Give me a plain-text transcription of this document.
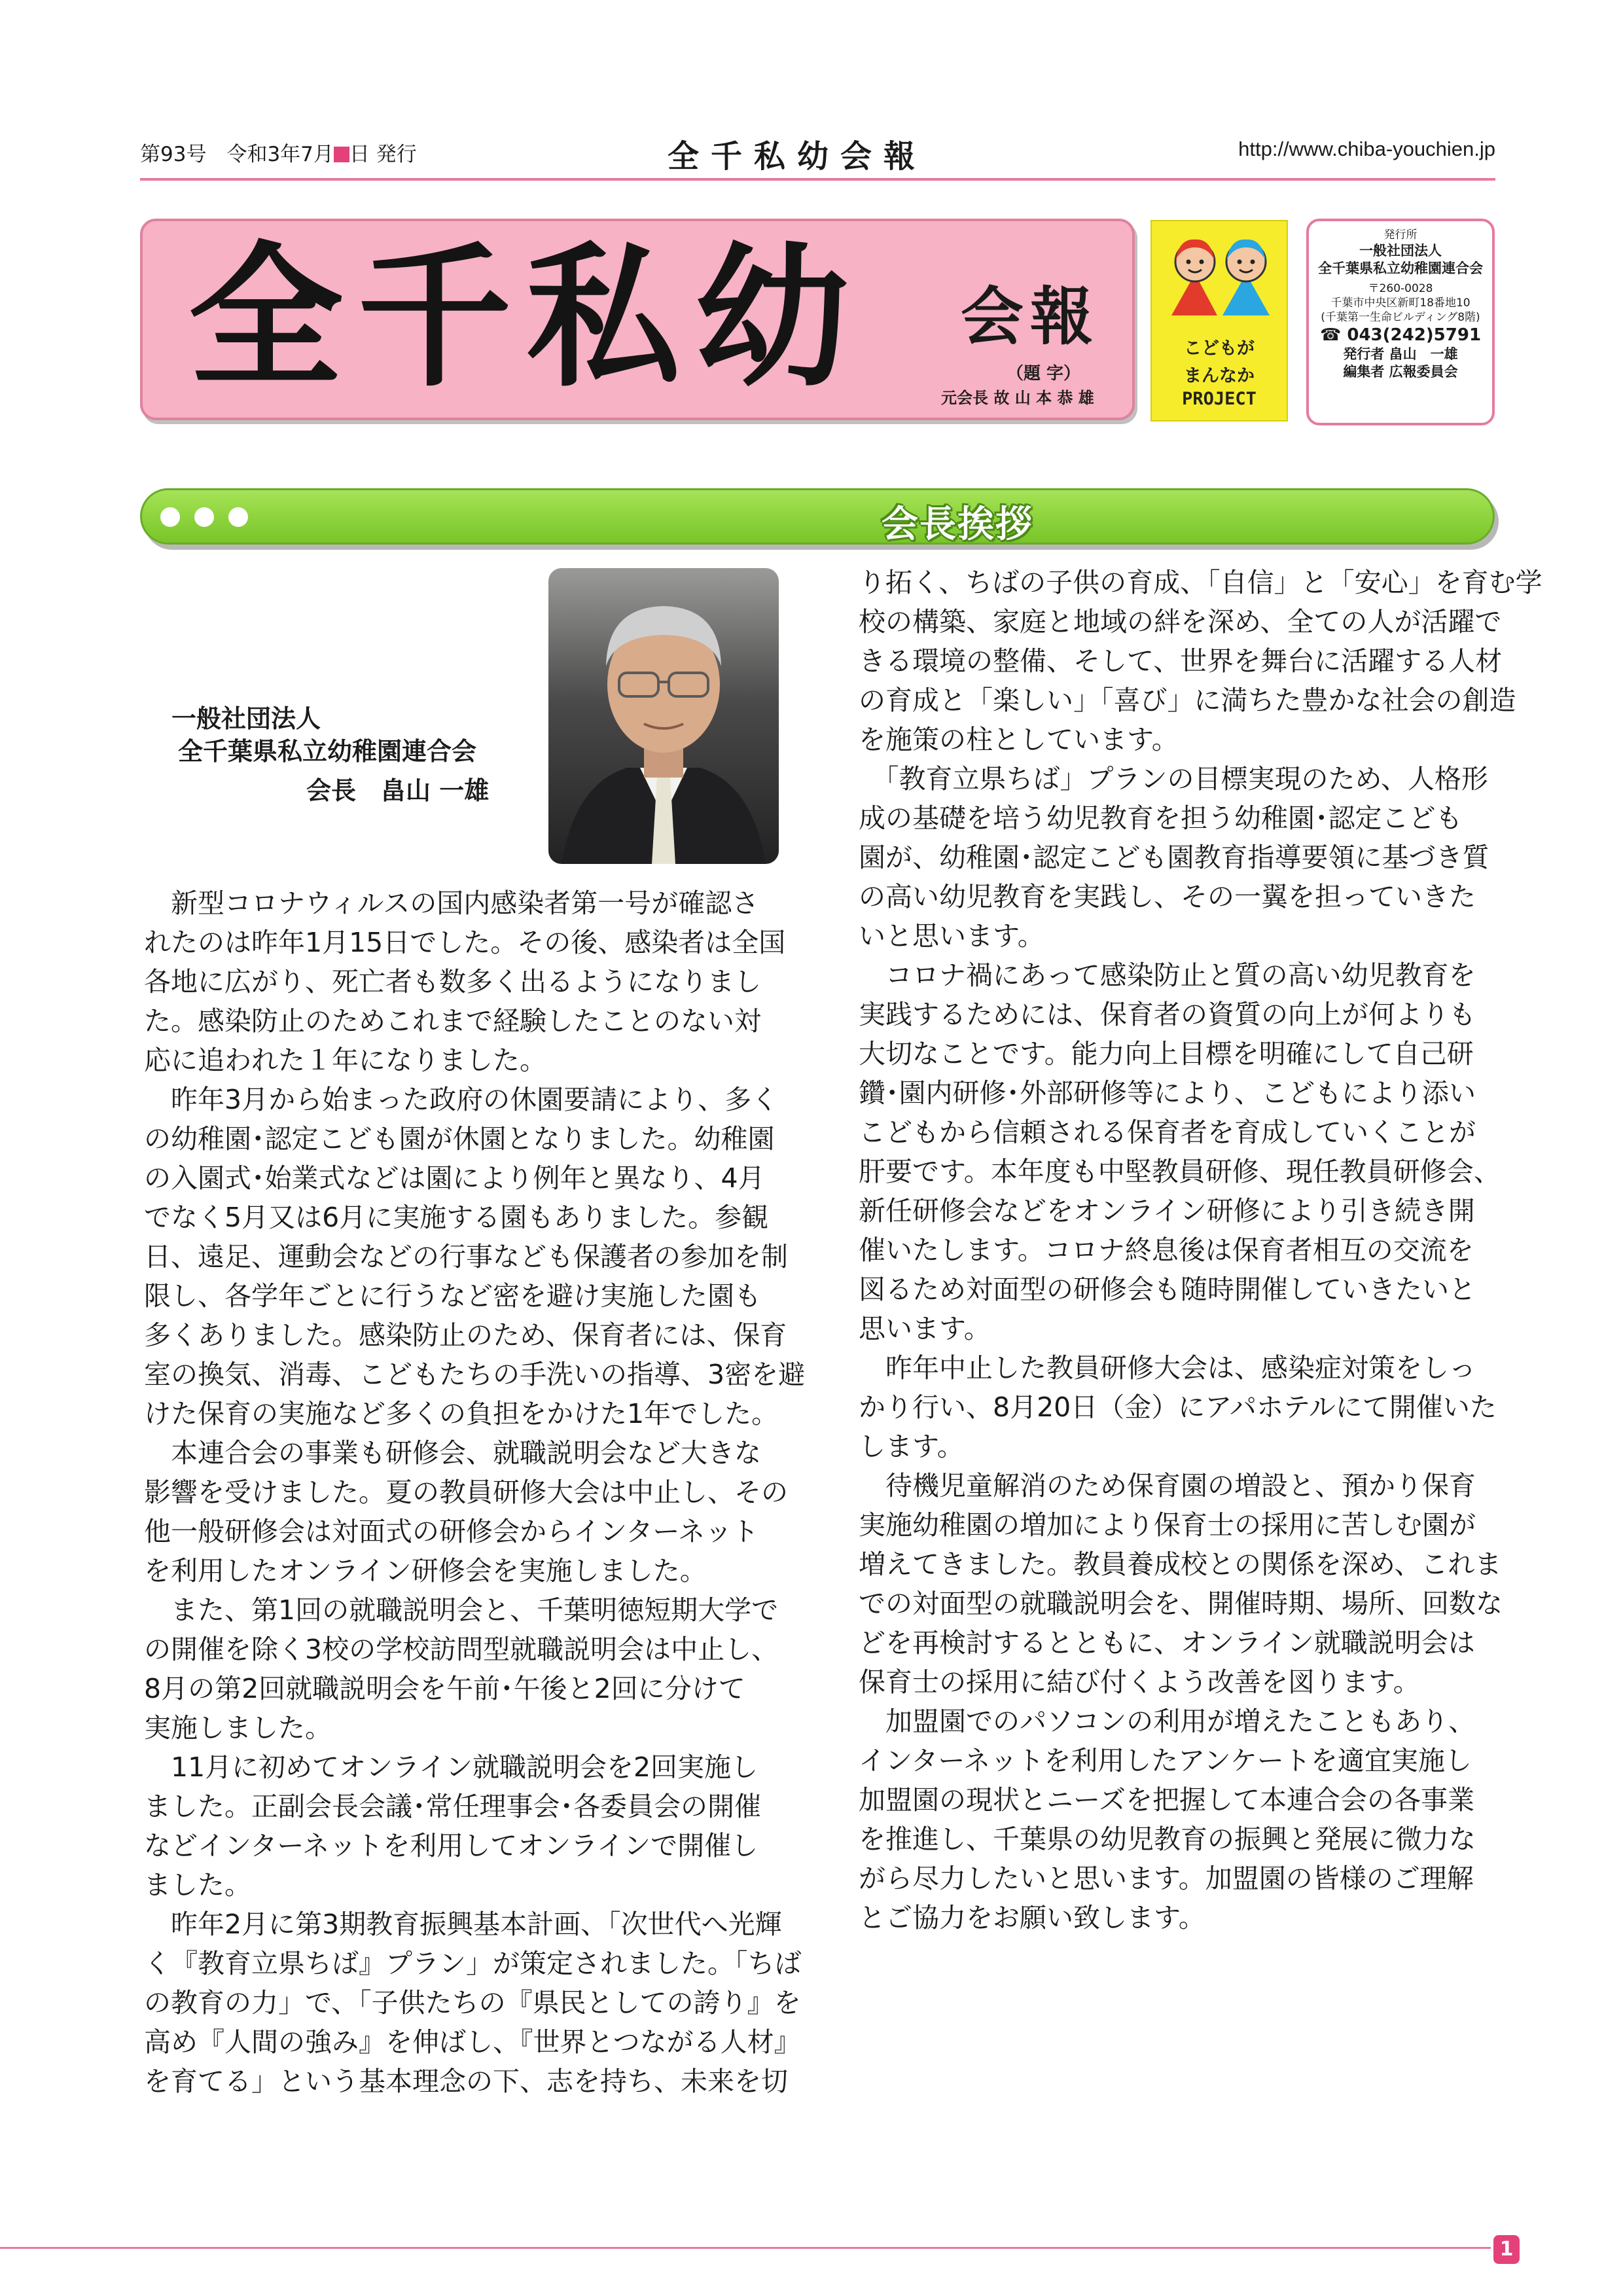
第93号　 令和3年7月 日 発行	全千私幼会報	http://www.chiba-youchien.jp
全千私幼 会報
（題 字）
元会長 故 山 本 恭 雄
こどもが
まんなか
PROJECT
発行所
一般社団法人
全千葉県私立幼稚園連合会
〒260-0028
千葉市中央区新町18番地10
(千葉第一生命ビルディング8階)
☎ 043(242)5791
発行者 畠山　一雄
編集者 広報委員会
会長挨拶
一般社団法人
全千葉県私立幼稚園連合会
会長　畠山 一雄
　新型コロナウィルスの国内感染者第一号が確認さ
れたのは昨年1月15日でした。その後、感染者は全国
各地に広がり、死亡者も数多く出るようになりまし
た。感染防止のためこれまで経験したことのない対
応に追われた１年になりました。
　昨年3月から始まった政府の休園要請により、多く
の幼稚園･認定こども園が休園となりました。幼稚園
の入園式･始業式などは園により例年と異なり、4月
でなく5月又は6月に実施する園もありました。参観
日、遠足、運動会などの行事なども保護者の参加を制
限し、各学年ごとに行うなど密を避け実施した園も
多くありました。感染防止のため、保育者には、保育
室の換気、消毒、こどもたちの手洗いの指導、3密を避
けた保育の実施など多くの負担をかけた1年でした。
　本連合会の事業も研修会、就職説明会など大きな
影響を受けました。夏の教員研修大会は中止し、その
他一般研修会は対面式の研修会からインターネット
を利用したオンライン研修会を実施しました。
　また、第1回の就職説明会と、千葉明徳短期大学で
の開催を除く3校の学校訪問型就職説明会は中止し、
8月の第2回就職説明会を午前･午後と2回に分けて
実施しました。
　11月に初めてオンライン就職説明会を2回実施し
ました。正副会長会議･常任理事会･各委員会の開催
などインターネットを利用してオンラインで開催し
ました。
　昨年2月に第3期教育振興基本計画、「次世代へ光輝
く『教育立県ちば』プラン」が策定されました。「ちば
の教育の力」で、「子供たちの『県民としての誇り』を
高め『人間の強み』を伸ばし、『世界とつながる人材』
を育てる」という基本理念の下、志を持ち、未来を切
り拓く、ちばの子供の育成、「自信」と「安心」を育む学
校の構築、家庭と地域の絆を深め、全ての人が活躍で
きる環境の整備、そして、世界を舞台に活躍する人材
の育成と「楽しい」「喜び」に満ちた豊かな社会の創造
を施策の柱としています。
　「教育立県ちば」プランの目標実現のため、人格形
成の基礎を培う幼児教育を担う幼稚園･認定こども
園が、幼稚園･認定こども園教育指導要領に基づき質
の高い幼児教育を実践し、その一翼を担っていきた
いと思います。
　コロナ禍にあって感染防止と質の高い幼児教育を
実践するためには、保育者の資質の向上が何よりも
大切なことです。能力向上目標を明確にして自己研
鑽･園内研修･外部研修等により、こどもにより添い
こどもから信頼される保育者を育成していくことが
肝要です。本年度も中堅教員研修、現任教員研修会、
新任研修会などをオンライン研修により引き続き開
催いたします。コロナ終息後は保育者相互の交流を
図るため対面型の研修会も随時開催していきたいと
思います。
　昨年中止した教員研修大会は、感染症対策をしっ
かり行い、8月20日（金）にアパホテルにて開催いた
します。
　待機児童解消のため保育園の増設と、預かり保育
実施幼稚園の増加により保育士の採用に苦しむ園が
増えてきました。教員養成校との関係を深め、これま
での対面型の就職説明会を、開催時期、場所、回数な
どを再検討するとともに、オンライン就職説明会は
保育士の採用に結び付くよう改善を図ります。
　加盟園でのパソコンの利用が増えたこともあり、
インターネットを利用したアンケートを適宜実施し
加盟園の現状とニーズを把握して本連合会の各事業
を推進し、千葉県の幼児教育の振興と発展に微力な
がら尽力したいと思います。加盟園の皆様のご理解
とご協力をお願い致します。
1
